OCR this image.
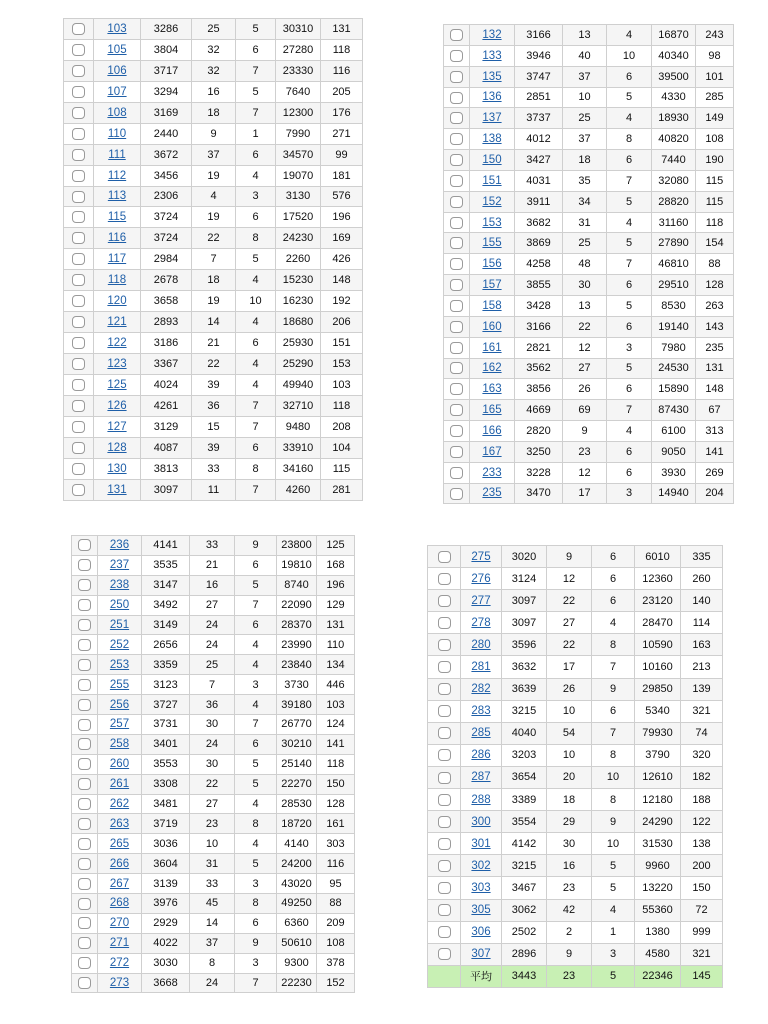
	103	3286	25	5	30310	131
	105	3804	32	6	27280	118
	106	3717	32	7	23330	116
	107	3294	16	5	7640	205
	108	3169	18	7	12300	176
	110	2440	9	1	7990	271
	111	3672	37	6	34570	99
	112	3456	19	4	19070	181
	113	2306	4	3	3130	576
	115	3724	19	6	17520	196
	116	3724	22	8	24230	169
	117	2984	7	5	2260	426
	118	2678	18	4	15230	148
	120	3658	19	10	16230	192
	121	2893	14	4	18680	206
	122	3186	21	6	25930	151
	123	3367	22	4	25290	153
	125	4024	39	4	49940	103
	126	4261	36	7	32710	118
	127	3129	15	7	9480	208
	128	4087	39	6	33910	104
	130	3813	33	8	34160	115
	131	3097	11	7	4260	281
	132	3166	13	4	16870	243
	133	3946	40	10	40340	98
	135	3747	37	6	39500	101
	136	2851	10	5	4330	285
	137	3737	25	4	18930	149
	138	4012	37	8	40820	108
	150	3427	18	6	7440	190
	151	4031	35	7	32080	115
	152	3911	34	5	28820	115
	153	3682	31	4	31160	118
	155	3869	25	5	27890	154
	156	4258	48	7	46810	88
	157	3855	30	6	29510	128
	158	3428	13	5	8530	263
	160	3166	22	6	19140	143
	161	2821	12	3	7980	235
	162	3562	27	5	24530	131
	163	3856	26	6	15890	148
	165	4669	69	7	87430	67
	166	2820	9	4	6100	313
	167	3250	23	6	9050	141
	233	3228	12	6	3930	269
	235	3470	17	3	14940	204
	236	4141	33	9	23800	125
	237	3535	21	6	19810	168
	238	3147	16	5	8740	196
	250	3492	27	7	22090	129
	251	3149	24	6	28370	131
	252	2656	24	4	23990	110
	253	3359	25	4	23840	134
	255	3123	7	3	3730	446
	256	3727	36	4	39180	103
	257	3731	30	7	26770	124
	258	3401	24	6	30210	141
	260	3553	30	5	25140	118
	261	3308	22	5	22270	150
	262	3481	27	4	28530	128
	263	3719	23	8	18720	161
	265	3036	10	4	4140	303
	266	3604	31	5	24200	116
	267	3139	33	3	43020	95
	268	3976	45	8	49250	88
	270	2929	14	6	6360	209
	271	4022	37	9	50610	108
	272	3030	8	3	9300	378
	273	3668	24	7	22230	152
	275	3020	9	6	6010	335
	276	3124	12	6	12360	260
	277	3097	22	6	23120	140
	278	3097	27	4	28470	114
	280	3596	22	8	10590	163
	281	3632	17	7	10160	213
	282	3639	26	9	29850	139
	283	3215	10	6	5340	321
	285	4040	54	7	79930	74
	286	3203	10	8	3790	320
	287	3654	20	10	12610	182
	288	3389	18	8	12180	188
	300	3554	29	9	24290	122
	301	4142	30	10	31530	138
	302	3215	16	5	9960	200
	303	3467	23	5	13220	150
	305	3062	42	4	55360	72
	306	2502	2	1	1380	999
	307	2896	9	3	4580	321
	平均	3443	23	5	22346	145
